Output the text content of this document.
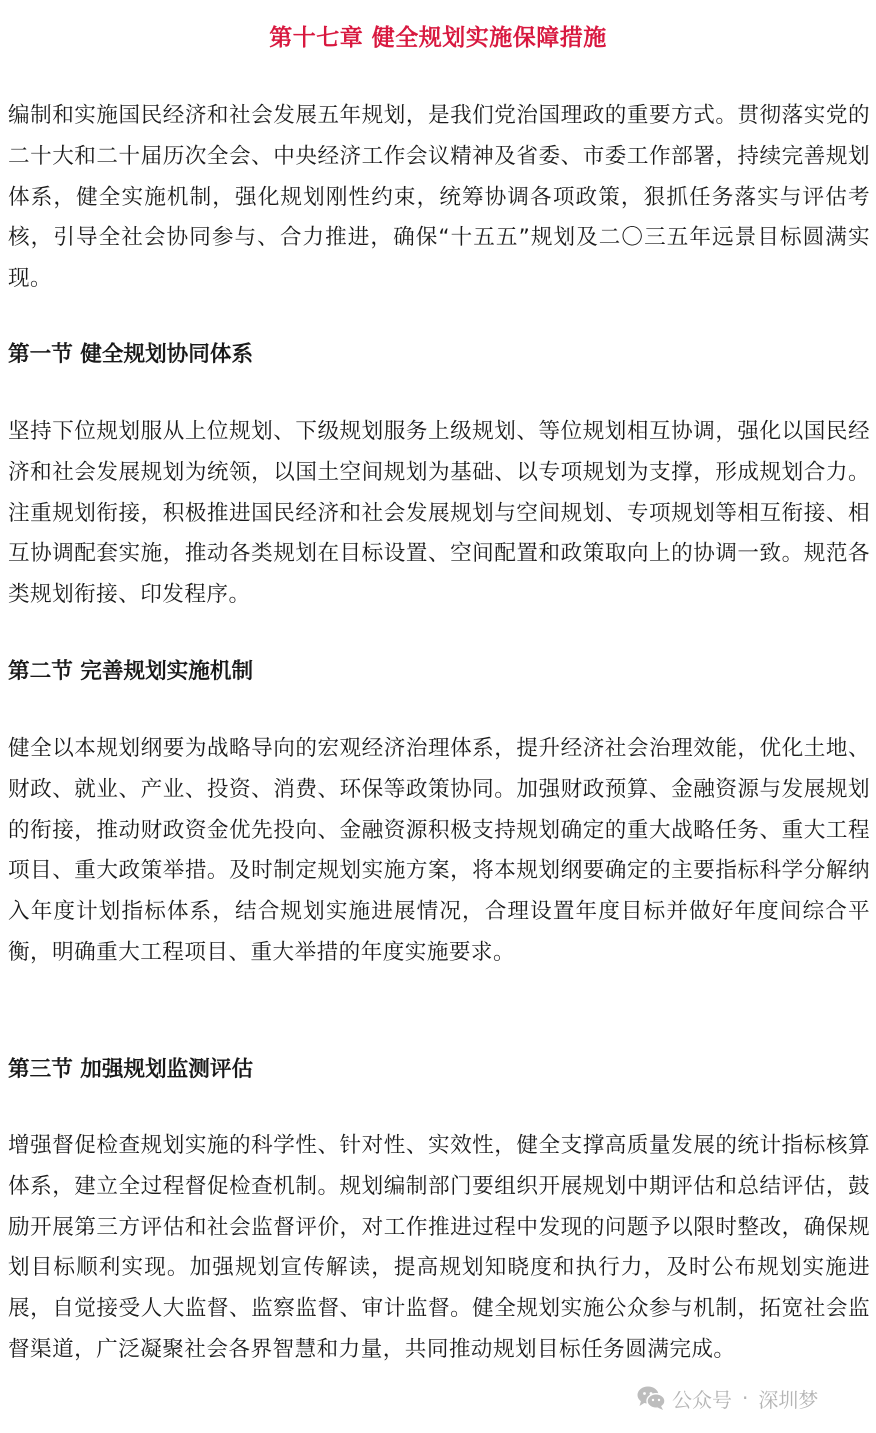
第十七章 健全规划实施保障措施

编制和实施国民经济和社会发展五年规划，是我们党治国理政的重要方式。贯彻落实党的二十大和二十届历次全会、中央经济工作会议精神及省委、市委工作部署，持续完善规划体系，健全实施机制，强化规划刚性约束，统筹协调各项政策，狠抓任务落实与评估考核，引导全社会协同参与、合力推进，确保“十五五”规划及二〇三五年远景目标圆满实现。

第一节 健全规划协同体系

坚持下位规划服从上位规划、下级规划服务上级规划、等位规划相互协调，强化以国民经济和社会发展规划为统领，以国土空间规划为基础、以专项规划为支撑，形成规划合力。注重规划衔接，积极推进国民经济和社会发展规划与空间规划、专项规划等相互衔接、相互协调配套实施，推动各类规划在目标设置、空间配置和政策取向上的协调一致。规范各类规划衔接、印发程序。

第二节 完善规划实施机制

健全以本规划纲要为战略导向的宏观经济治理体系，提升经济社会治理效能，优化土地、财政、就业、产业、投资、消费、环保等政策协同。加强财政预算、金融资源与发展规划的衔接，推动财政资金优先投向、金融资源积极支持规划确定的重大战略任务、重大工程项目、重大政策举措。及时制定规划实施方案，将本规划纲要确定的主要指标科学分解纳入年度计划指标体系，结合规划实施进展情况，合理设置年度目标并做好年度间综合平衡，明确重大工程项目、重大举措的年度实施要求。

第三节 加强规划监测评估

增强督促检查规划实施的科学性、针对性、实效性，健全支撑高质量发展的统计指标核算体系，建立全过程督促检查机制。规划编制部门要组织开展规划中期评估和总结评估，鼓励开展第三方评估和社会监督评价，对工作推进过程中发现的问题予以限时整改，确保规划目标顺利实现。加强规划宣传解读，提高规划知晓度和执行力，及时公布规划实施进展，自觉接受人大监督、监察监督、审计监督。健全规划实施公众参与机制，拓宽社会监督渠道，广泛凝聚社会各界智慧和力量，共同推动规划目标任务圆满完成。

公众号 · 深圳梦
